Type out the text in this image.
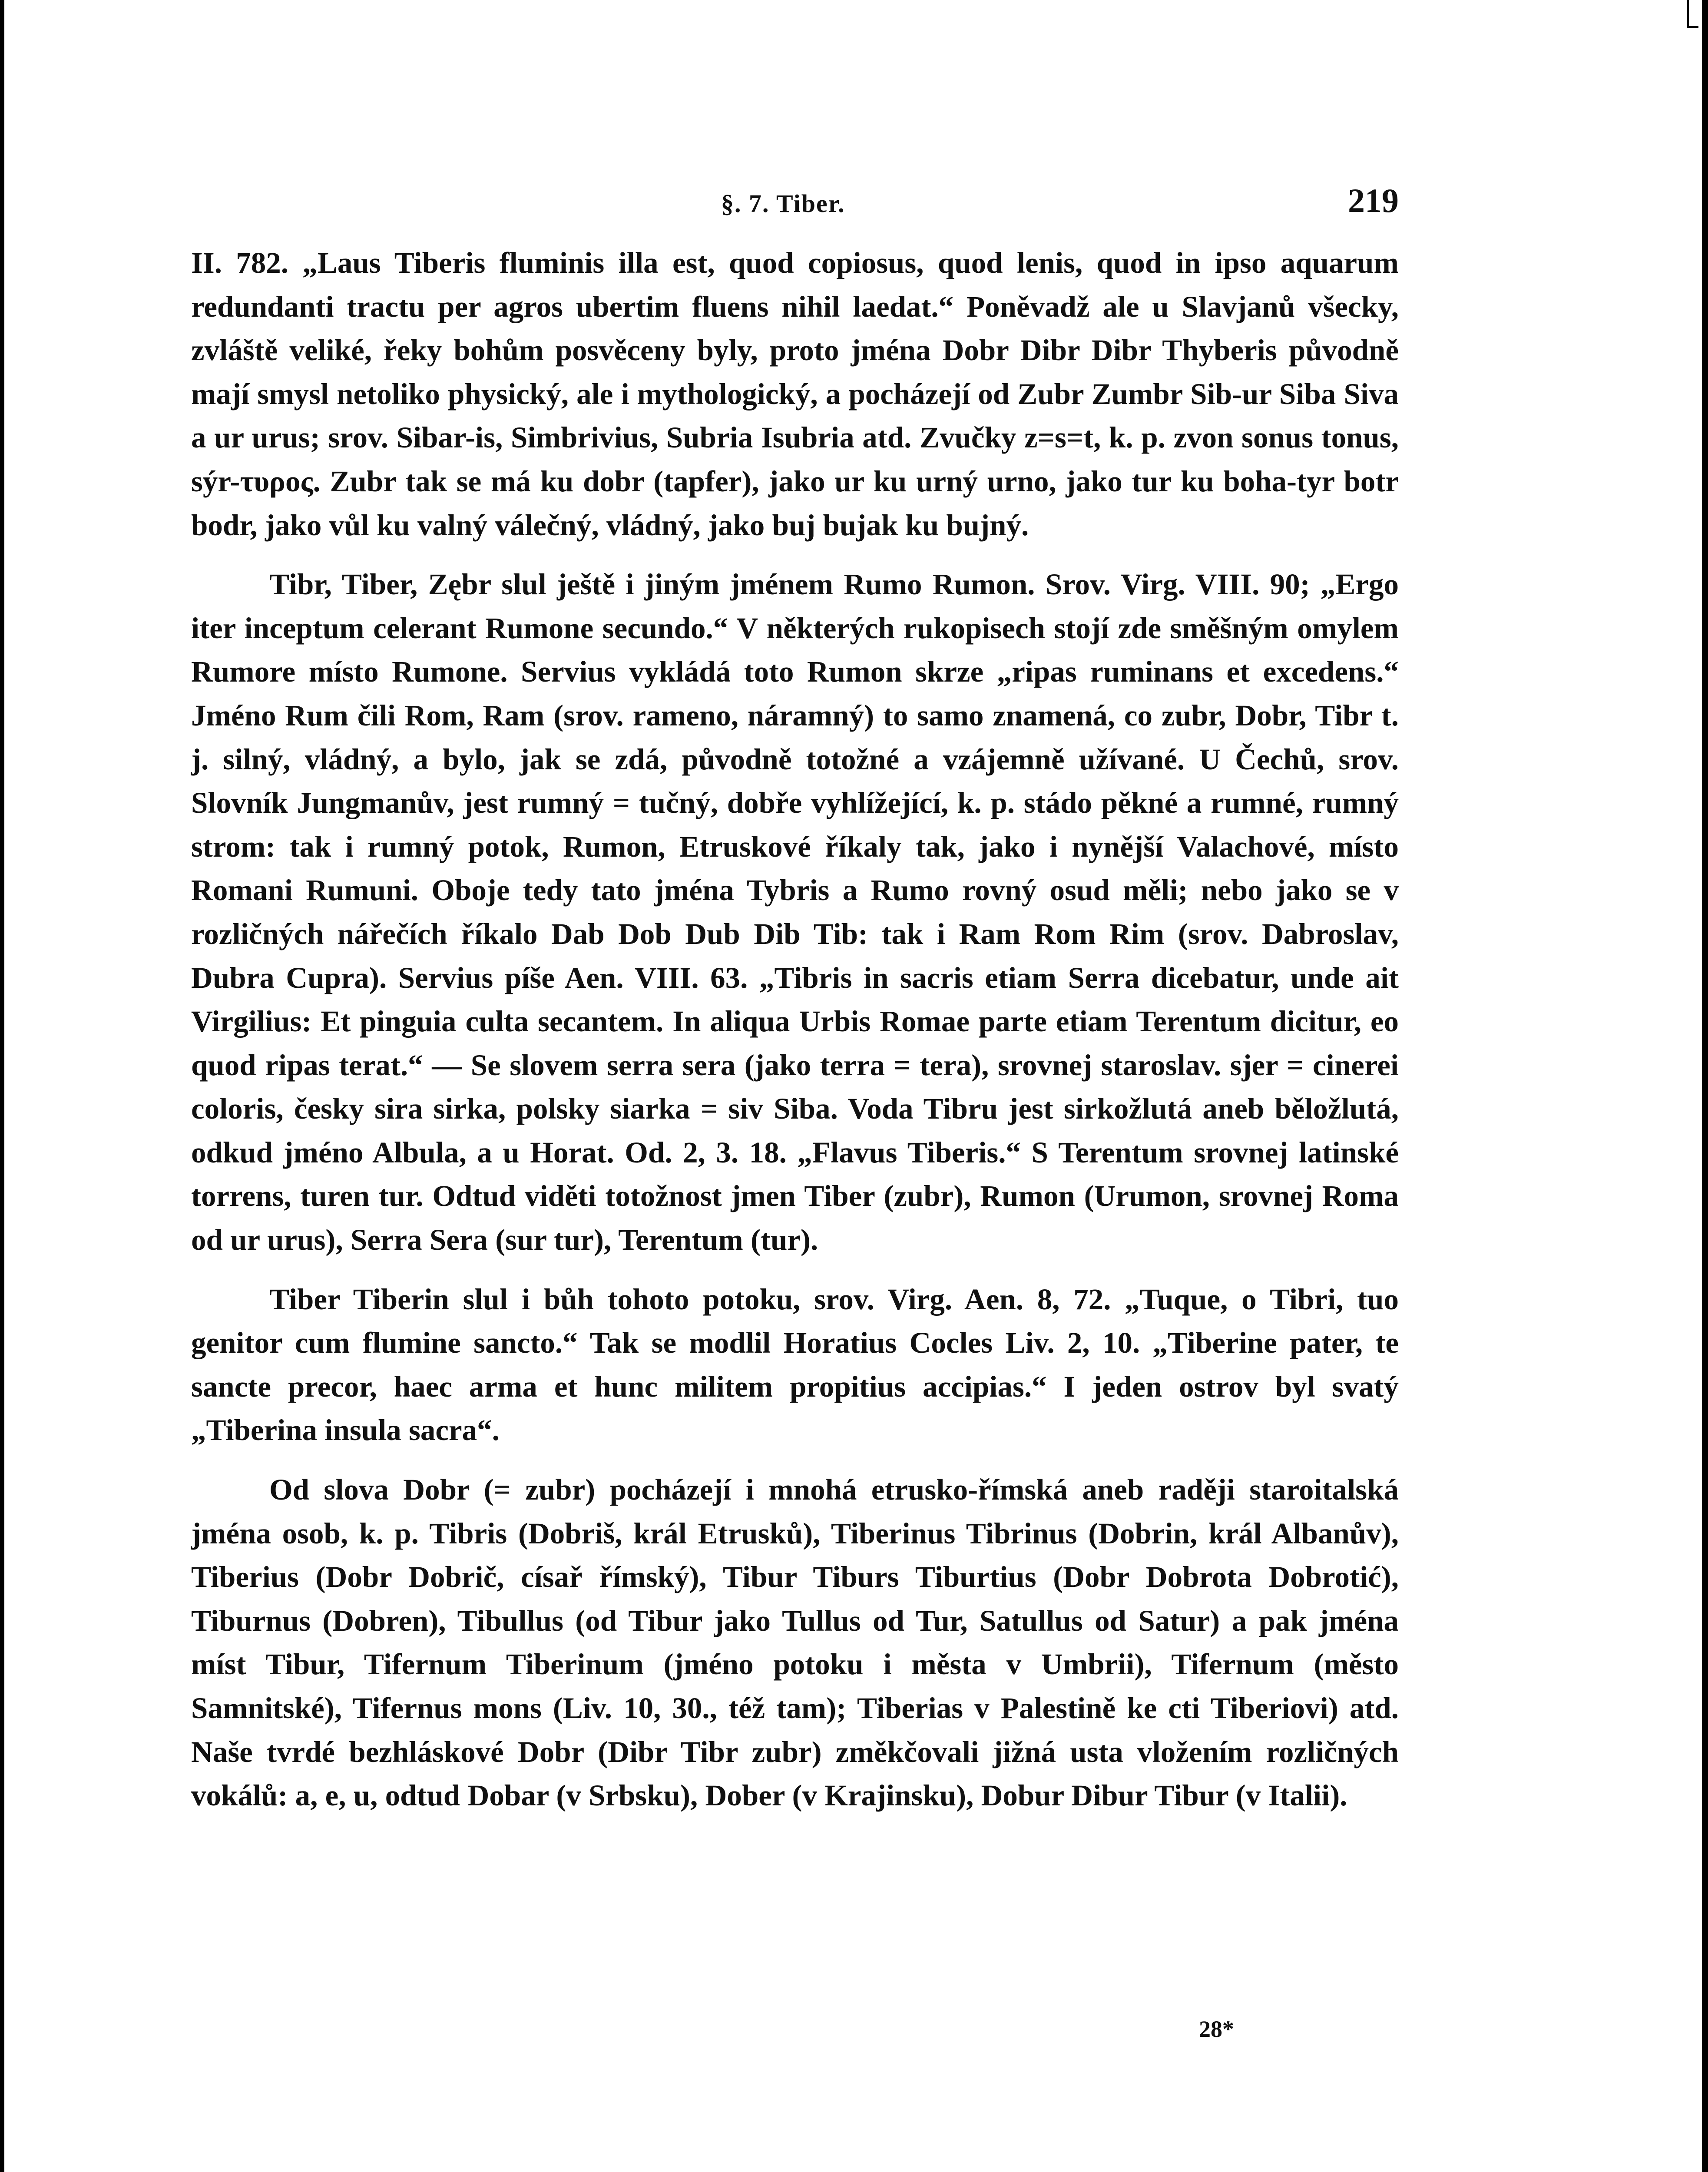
§. 7. Tiber.	219

II. 782. „Laus Tiberis fluminis illa est, quod copiosus, quod lenis, quod in ipso aquarum redundanti tractu per agros ubertim fluens nihil laedat.“ Poněvadž ale u Slavjanů všecky, zvláště veliké, řeky bohům posvěceny byly, proto jména Dobr Dibr Dibr Thyberis původně mají smysl netoliko physický, ale i mythologický, a pocházejí od Zubr Zumbr Sib-ur Siba Siva a ur urus; srov. Sibar-is, Simbrivius, Subria Isubria atd. Zvučky z=s=t, k. p. zvon sonus tonus, sýr-τυρος. Zubr tak se má ku dobr (tapfer), jako ur ku urný urno, jako tur ku boha-tyr botr bodr, jako vůl ku valný válečný, vládný, jako buj bujak ku bujný.

Tibr, Tiber, Zębr slul ještě i jiným jménem Rumo Rumon. Srov. Virg. VIII. 90; „Ergo iter inceptum celerant Rumone secundo.“ V některých rukopisech stojí zde směšným omylem Rumore místo Rumone. Servius vykládá toto Rumon skrze „ripas ruminans et excedens.“ Jméno Rum čili Rom, Ram (srov. rameno, náramný) to samo znamená, co zubr, Dobr, Tibr t. j. silný, vládný, a bylo, jak se zdá, původně totožné a vzájemně užívané. U Čechů, srov. Slovník Jungmanův, jest rumný = tučný, dobře vyhlížející, k. p. stádo pěkné a rumné, rumný strom: tak i rumný potok, Rumon, Etruskové říkaly tak, jako i nynější Valachové, místo Romani Rumuni. Oboje tedy tato jména Tybris a Rumo rovný osud měli; nebo jako se v rozličných nářečích říkalo Dab Dob Dub Dib Tib: tak i Ram Rom Rim (srov. Dabroslav, Dubra Cupra). Servius píše Aen. VIII. 63. „Tibris in sacris etiam Serra dicebatur, unde ait Virgilius: Et pinguia culta secantem. In aliqua Urbis Romae parte etiam Terentum dicitur, eo quod ripas terat.“ — Se slovem serra sera (jako terra = tera), srovnej staroslav. sjer = cinerei coloris, česky sira sirka, polsky siarka = siv Siba. Voda Tibru jest sirkožlutá aneb běložlutá, odkud jméno Albula, a u Horat. Od. 2, 3. 18. „Flavus Tiberis.“ S Terentum srovnej latinské torrens, turen tur. Odtud viděti totožnost jmen Tiber (zubr), Rumon (Urumon, srovnej Roma od ur urus), Serra Sera (sur tur), Terentum (tur).

Tiber Tiberin slul i bůh tohoto potoku, srov. Virg. Aen. 8, 72. „Tuque, o Tibri, tuo genitor cum flumine sancto.“ Tak se modlil Horatius Cocles Liv. 2, 10. „Tiberine pater, te sancte precor, haec arma et hunc militem propitius accipias.“ I jeden ostrov byl svatý „Tiberina insula sacra“.

Od slova Dobr (= zubr) pocházejí i mnohá etrusko-římská aneb raději staroitalská jména osob, k. p. Tibris (Dobriš, král Etrusků), Tiberinus Tibrinus (Dobrin, král Albanův), Tiberius (Dobr Dobrič, císař římský), Tibur Tiburs Tiburtius (Dobr Dobrota Dobrotić), Tiburnus (Dobren), Tibullus (od Tibur jako Tullus od Tur, Satullus od Satur) a pak jména míst Tibur, Tifernum Tiberinum (jméno potoku i města v Umbrii), Tifernum (město Samnitské), Tifernus mons (Liv. 10, 30., též tam); Tiberias v Palestině ke cti Tiberiovi) atd. Naše tvrdé bezhláskové Dobr (Dibr Tibr zubr) změkčovali jižná usta vložením rozličných vokálů: a, e, u, odtud Dobar (v Srbsku), Dober (v Krajinsku), Dobur Dibur Tibur (v Italii).

28*
